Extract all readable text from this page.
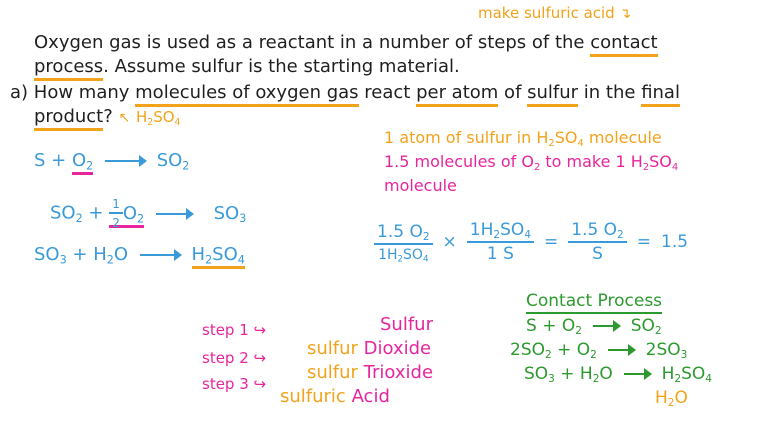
make sulfuric acid ↴
Oxygen gas is used as a reactant in a number of steps of the contact
process. Assume sulfur is the starting material.
a) How many molecules of oxygen gas react per atom of sulfur in the final
product? ↖ $H_2SO_4$
$S + O_2 \to SO_2$
$SO_2 + \frac{1}{2} O_2 \to SO_3$
$SO_3 + H_2O \to H_2SO_4$
1 atom of sulfur in $H_2SO_4$ molecule
1.5 molecules of $O_2$ to make 1 $H_2SO_4$
molecule
$\frac{1.5 O_2}{1H_2SO_4} \times \frac{1H_2SO_4}{1 S} = \frac{1.5 O_2}{S} = 1.5$
step 1 ↪
step 2 ↪
step 3 ↪
Sulfur
sulfur Dioxide
sulfur Trioxide
sulfuric Acid
Contact Process
$S + O_2 \to SO_2$
$2SO_2 + O_2 \to 2SO_3$
$SO_3 + H_2O \to H_2SO_4$
$H_2O$
